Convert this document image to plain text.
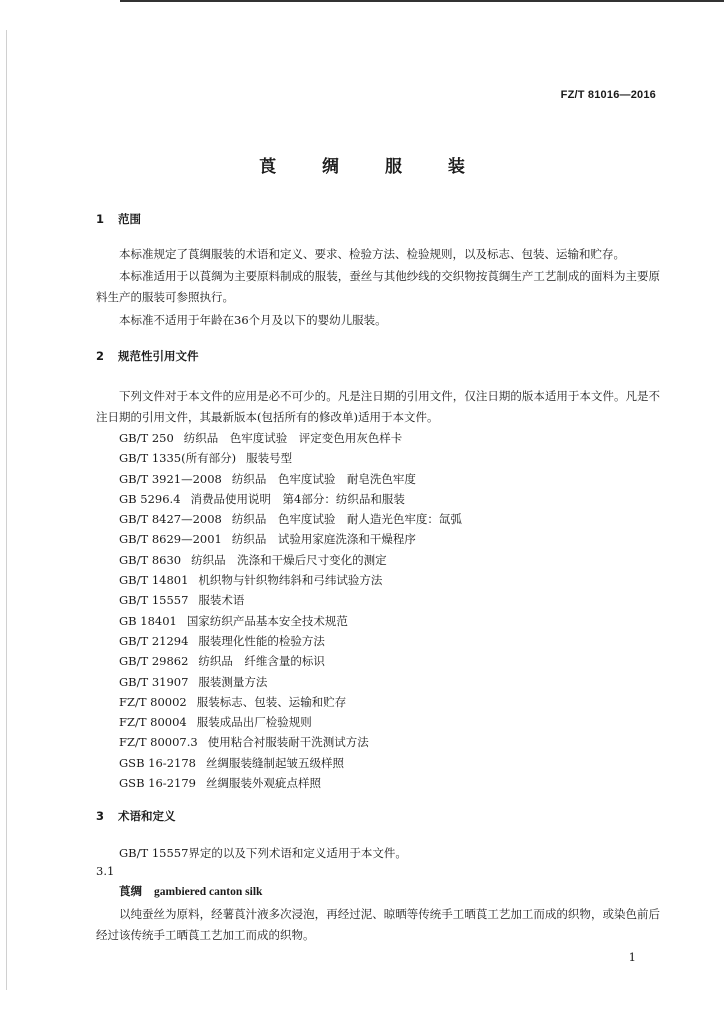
FZ/T 81016—2016
莨 绸 服 装
1 范围

本标准规定了莨绸服装的术语和定义、要求、检验方法、检验规则，以及标志、包装、运输和贮存。

本标准适用于以莨绸为主要原料制成的服装，蚕丝与其他纱线的交织物按莨绸生产工艺制成的面料为主要原料生产的服装可参照执行。

本标准不适用于年龄在36个月及以下的婴幼儿服装。

2 规范性引用文件

下列文件对于本文件的应用是必不可少的。凡是注日期的引用文件，仅注日期的版本适用于本文件。凡是不注日期的引用文件，其最新版本(包括所有的修改单)适用于本文件。

GB/T 250 纺织品　色牢度试验　评定变色用灰色样卡
GB/T 1335(所有部分) 服装号型
GB/T 3921—2008 纺织品　色牢度试验　耐皂洗色牢度
GB 5296.4 消费品使用说明　第4部分：纺织品和服装
GB/T 8427—2008 纺织品　色牢度试验　耐人造光色牢度：氙弧
GB/T 8629—2001 纺织品　试验用家庭洗涤和干燥程序
GB/T 8630 纺织品　洗涤和干燥后尺寸变化的测定
GB/T 14801 机织物与针织物纬斜和弓纬试验方法
GB/T 15557 服装术语
GB 18401 国家纺织产品基本安全技术规范
GB/T 21294 服装理化性能的检验方法
GB/T 29862 纺织品　纤维含量的标识
GB/T 31907 服装测量方法
FZ/T 80002 服装标志、包装、运输和贮存
FZ/T 80004 服装成品出厂检验规则
FZ/T 80007.3 使用粘合衬服装耐干洗测试方法
GSB 16-2178 丝绸服装缝制起皱五级样照
GSB 16-2179 丝绸服装外观疵点样照
3 术语和定义

GB/T 15557界定的以及下列术语和定义适用于本文件。

3.1
莨绸 gambiered canton silk

以纯蚕丝为原料，经薯莨汁液多次浸泡，再经过泥、晾晒等传统手工晒莨工艺加工而成的织物，或染色前后经过该传统手工晒莨工艺加工而成的织物。

1
